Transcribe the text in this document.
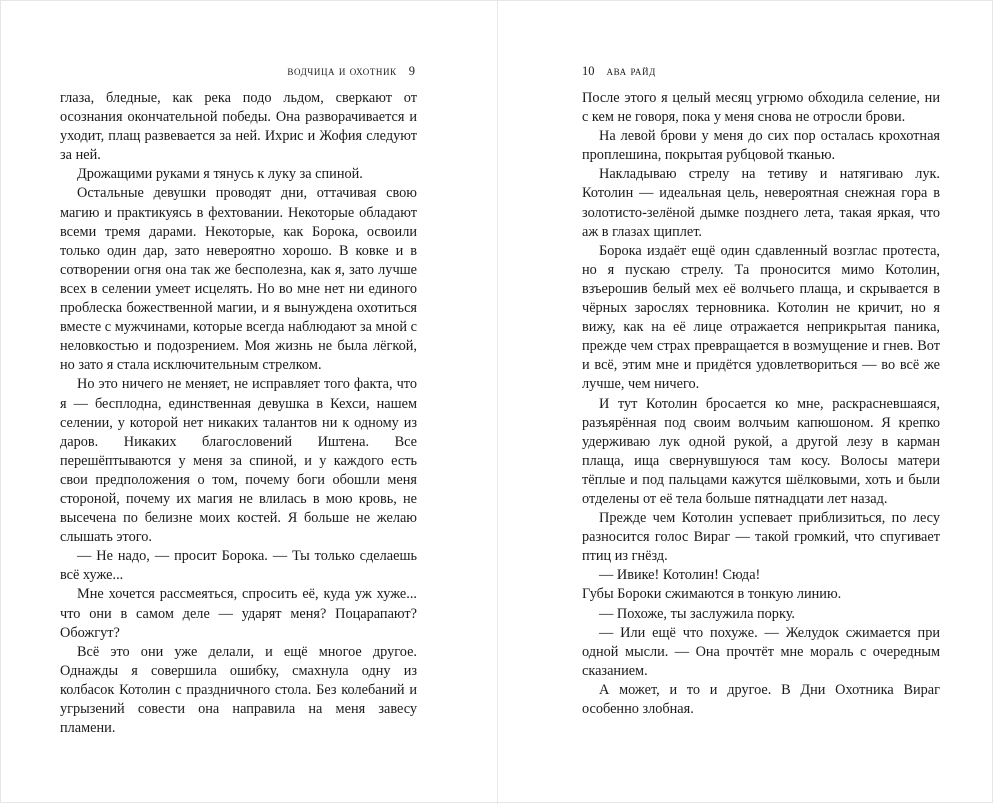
водчица и охотник 9

глаза, бледные, как река подо льдом, сверкают от осознания окончательной победы. Она разворачивается и уходит, плащ развевается за ней. Ихрис и Жофия следуют за ней.

Дрожащими руками я тянусь к луку за спиной.

Остальные девушки проводят дни, оттачивая свою магию и практикуясь в фехтовании. Некоторые обладают всеми тремя дарами. Некоторые, как Борока, освоили только один дар, зато невероятно хорошо. В ковке и в сотворении огня она так же бесполезна, как я, зато лучше всех в селении умеет исцелять. Но во мне нет ни единого проблеска божественной магии, и я вынуждена охотиться вместе с мужчинами, которые всегда наблюдают за мной с неловкостью и подозрением. Моя жизнь не была лёгкой, но зато я стала исключительным стрелком.

Но это ничего не меняет, не исправляет того факта, что я — бесплодна, единственная девушка в Кехси, нашем селении, у которой нет никаких талантов ни к одному из даров. Никаких благословений Иштена. Все перешёптываются у меня за спиной, и у каждого есть свои предположения о том, почему боги обошли меня стороной, почему их магия не влилась в мою кровь, не высечена по белизне моих костей. Я больше не желаю слышать этого.

— Не надо, — просит Борока. — Ты только сделаешь всё хуже...

Мне хочется рассмеяться, спросить её, куда уж хуже... что они в самом деле — ударят меня? Поцарапают? Обожгут?

Всё это они уже делали, и ещё многое другое. Однажды я совершила ошибку, смахнула одну из колбасок Котолин с праздничного стола. Без колебаний и угрызений совести она направила на меня завесу пламени.

10 ава райд

После этого я целый месяц угрюмо обходила селение, ни с кем не говоря, пока у меня снова не отросли брови.

На левой брови у меня до сих пор осталась крохотная проплешина, покрытая рубцовой тканью.

Накладываю стрелу на тетиву и натягиваю лук. Котолин — идеальная цель, невероятная снежная гора в золотисто-зелёной дымке позднего лета, такая яркая, что аж в глазах щиплет.

Борока издаёт ещё один сдавленный возглас протеста, но я пускаю стрелу. Та проносится мимо Котолин, взъерошив белый мех её волчьего плаща, и скрывается в чёрных зарослях терновника. Котолин не кричит, но я вижу, как на её лице отражается неприкрытая паника, прежде чем страх превращается в возмущение и гнев. Вот и всё, этим мне и придётся удовлетвориться — во всё же лучше, чем ничего.

И тут Котолин бросается ко мне, раскрасневшаяся, разъярённая под своим волчьим капюшоном. Я крепко удерживаю лук одной рукой, а другой лезу в карман плаща, ища свернувшуюся там косу. Волосы матери тёплые и под пальцами кажутся шёлковыми, хоть и были отделены от её тела больше пятнадцати лет назад.

Прежде чем Котолин успевает приблизиться, по лесу разносится голос Вираг — такой громкий, что спугивает птиц из гнёзд.

— Ивике! Котолин! Сюда!

Губы Бороки сжимаются в тонкую линию.

— Похоже, ты заслужила порку.

— Или ещё что похуже. — Желудок сжимается при одной мысли. — Она прочтёт мне мораль с очередным сказанием.

А может, и то и другое. В Дни Охотника Вираг особенно злобная.
